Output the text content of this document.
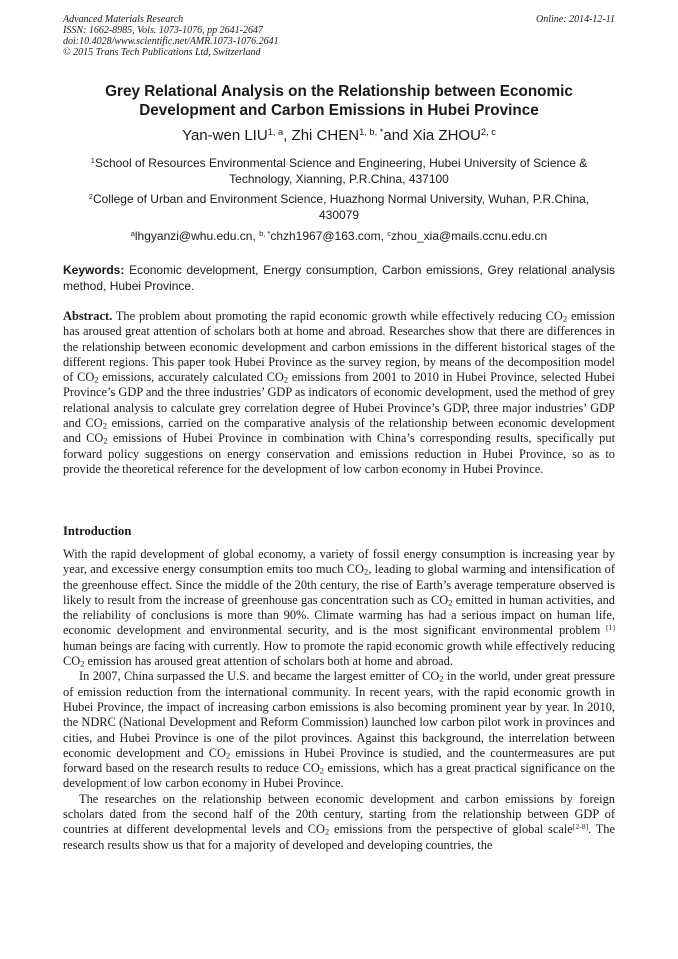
Advanced Materials Research
ISSN: 1662-8985, Vols. 1073-1076, pp 2641-2647
doi:10.4028/www.scientific.net/AMR.1073-1076.2641
© 2015 Trans Tech Publications Ltd, Switzerland
Online: 2014-12-11
Grey Relational Analysis on the Relationship between Economic
Development and Carbon Emissions in Hubei Province
Yan-wen LIU$^{1, a}$, Zhi $CHEN^{1, b, *}and$ Xia ZHOU$^{2, c}$
$^1$School of Resources Environmental Science and Engineering, Hubei University of Science &
Technology, Xianning, P.R.China, 437100
$^2$College of Urban and Environment Science, Huazhong Normal University, Wuhan, P.R.China,
430079
$^a$lhgyanzi@whu.edu.cn, $^{b, *}$chzh1967@163.com, $^c$zhou_xia@mails.ccnu.edu.cn
Keywords: Economic development, Energy consumption, Carbon emissions, Grey relational analysis method, Hubei Province.
Abstract. The problem about promoting the rapid economic growth while effectively reducing $CO_2$ emission has aroused great attention of scholars both at home and abroad. Researches show that there are differences in the relationship between economic development and carbon emissions in the different historical stages of the different regions. This paper took Hubei Province as the survey region, by means of the decomposition model of $CO_2$ emissions, accurately calculated $CO_2$ emissions from 2001 to 2010 in Hubei Province, selected Hubei Province’s GDP and the three industries’ GDP as indicators of economic development, used the method of grey relational analysis to calculate grey correlation degree of Hubei Province’s GDP, three major industries’ GDP and $CO_2$ emissions, carried on the comparative analysis of the relationship between economic development and $CO_2$ emissions of Hubei Province in combination with China’s corresponding results, specifically put forward policy suggestions on energy conservation and emissions reduction in Hubei Province, so as to provide the theoretical reference for the development of low carbon economy in Hubei Province.
Introduction

With the rapid development of global economy, a variety of fossil energy consumption is increasing year by year, and excessive energy consumption emits too much $CO_2$, leading to global warming and intensification of the greenhouse effect. Since the middle of the 20th century, the rise of Earth’s average temperature observed is likely to result from the increase of greenhouse gas concentration such as $CO_2$ emitted in human activities, and the reliability of conclusions is more than 90%. Climate warming has had a serious impact on human life, economic development and environmental security, and is the most significant environmental problem [1] human beings are facing with currently. How to promote the rapid economic growth while effectively reducing $CO_2$ emission has aroused great attention of scholars both at home and abroad.

In 2007, China surpassed the U.S. and became the largest emitter of $CO_2$ in the world, under great pressure of emission reduction from the international community. In recent years, with the rapid economic growth in Hubei Province, the impact of increasing carbon emissions is also becoming prominent year by year. In 2010, the NDRC (National Development and Reform Commission) launched low carbon pilot work in provinces and cities, and Hubei Province is one of the pilot provinces. Against this background, the interrelation between economic development and $CO_2$ emissions in Hubei Province is studied, and the countermeasures are put forward based on the research results to reduce $CO_2$ emissions, which has a great practical significance on the development of low carbon economy in Hubei Province.

The researches on the relationship between economic development and carbon emissions by foreign scholars dated from the second half of the 20th century, starting from the relationship between GDP of countries at different developmental levels and $CO_2$ emissions from the perspective of global scale[2-8]. The research results show us that for a majority of developed and developing countries, the
